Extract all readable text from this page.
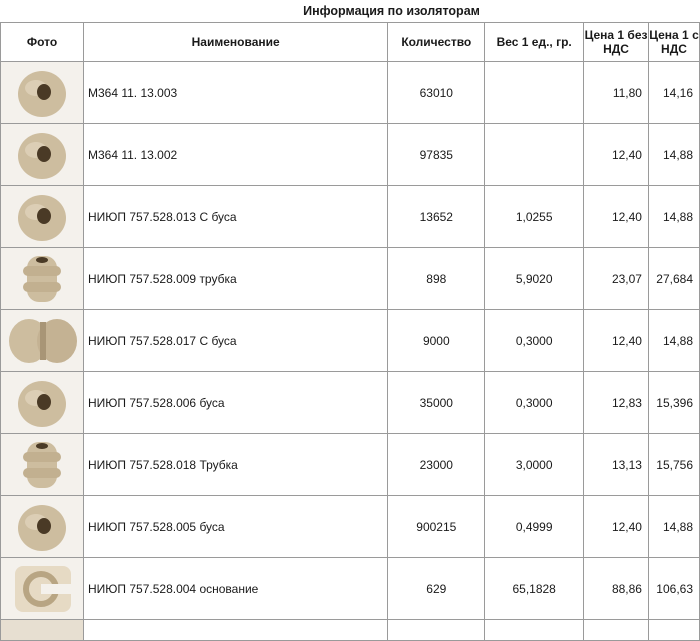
	Информация по изоляторам				
Фото	Наименование	Количество	Вес 1 ед., гр.	Цена 1 без НДС	Цена 1 с НДС

	М364 11. 13.003	63010		11,80	14,16

	М364 11. 13.002	97835		12,40	14,88

	НИЮП 757.528.013 С буса	13652	1,0255	12,40	14,88

	НИЮП 757.528.009 трубка	898	5,9020	23,07	27,684

	НИЮП 757.528.017 С буса	9000	0,3000	12,40	14,88

	НИЮП 757.528.006 буса	35000	0,3000	12,83	15,396

	НИЮП 757.528.018 Трубка	23000	3,0000	13,13	15,756

	НИЮП 757.528.005 буса	900215	0,4999	12,40	14,88

	НИЮП 757.528.004 основание	629	65,1828	88,86	106,63
